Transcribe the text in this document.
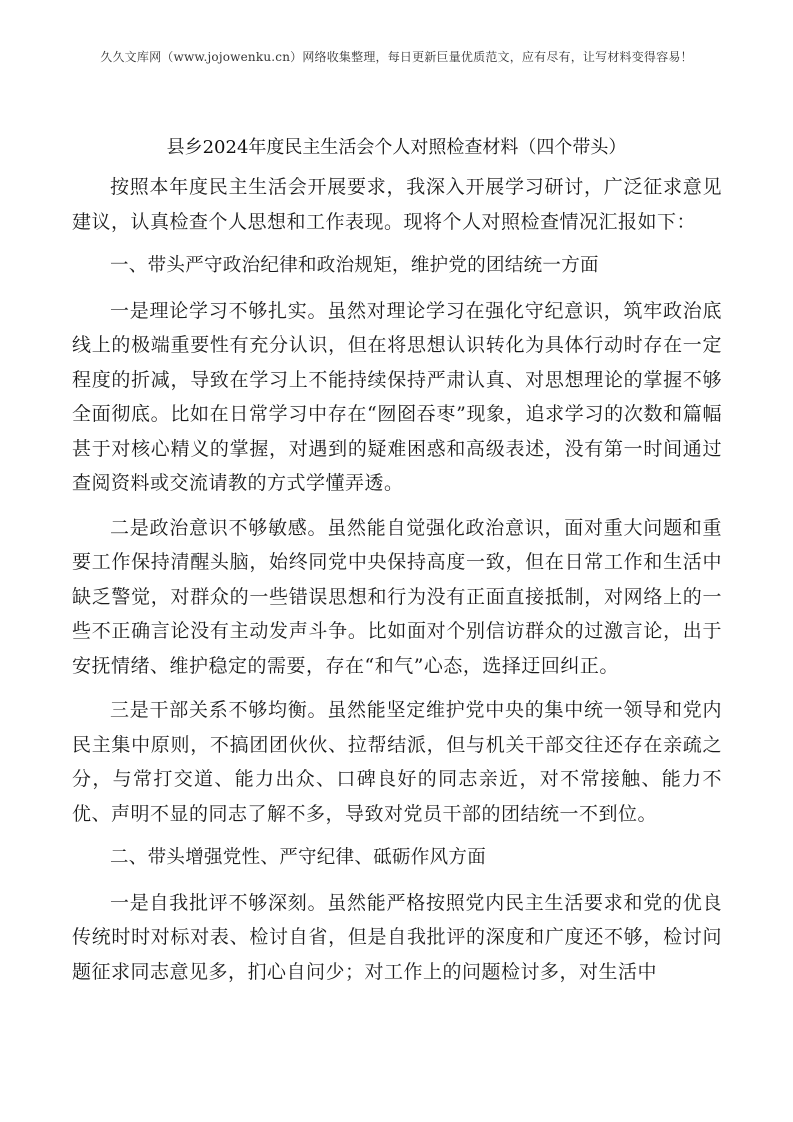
久久文库网（www.jojowenku.cn）网络收集整理，每日更新巨量优质范文，应有尽有，让写材料变得容易！
县乡2024年度民主生活会个人对照检查材料（四个带头）

按照本年度民主生活会开展要求，我深入开展学习研讨，广泛征求意见建议，认真检查个人思想和工作表现。现将个人对照检查情况汇报如下：

一、带头严守政治纪律和政治规矩，维护党的团结统一方面

一是理论学习不够扎实。虽然对理论学习在强化守纪意识，筑牢政治底线上的极端重要性有充分认识，但在将思想认识转化为具体行动时存在一定程度的折减，导致在学习上不能持续保持严肃认真、对思想理论的掌握不够全面彻底。比如在日常学习中存在“囫囵吞枣”现象，追求学习的次数和篇幅甚于对核心精义的掌握，对遇到的疑难困惑和高级表述，没有第一时间通过查阅资料或交流请教的方式学懂弄透。

二是政治意识不够敏感。虽然能自觉强化政治意识，面对重大问题和重要工作保持清醒头脑，始终同党中央保持高度一致，但在日常工作和生活中缺乏警觉，对群众的一些错误思想和行为没有正面直接抵制，对网络上的一些不正确言论没有主动发声斗争。比如面对个别信访群众的过激言论，出于安抚情绪、维护稳定的需要，存在“和气”心态，选择迂回纠正。

三是干部关系不够均衡。虽然能坚定维护党中央的集中统一领导和党内民主集中原则，不搞团团伙伙、拉帮结派，但与机关干部交往还存在亲疏之分，与常打交道、能力出众、口碑良好的同志亲近，对不常接触、能力不优、声明不显的同志了解不多，导致对党员干部的团结统一不到位。

二、带头增强党性、严守纪律、砥砺作风方面

一是自我批评不够深刻。虽然能严格按照党内民主生活要求和党的优良传统时时对标对表、检讨自省，但是自我批评的深度和广度还不够，检讨问题征求同志意见多，扪心自问少；对工作上的问题检讨多，对生活中
